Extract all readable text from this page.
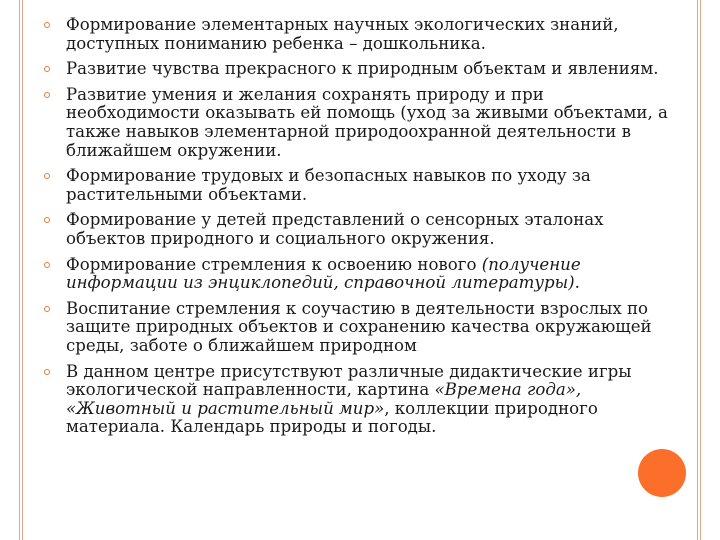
Формирование элементарных научных экологических знаний, доступных пониманию ребенка – дошкольника.
Развитие чувства прекрасного к природным объектам и явлениям.
Развитие умения и желания сохранять природу и при необходимости оказывать ей помощь (уход за живыми объектами, а также навыков элементарной природоохранной деятельности в ближайшем окружении.
Формирование трудовых и безопасных навыков по уходу за растительными объектами.
Формирование у детей представлений о сенсорных эталонах объектов природного и социального окружения.
Формирование стремления к освоению нового (получение информации из энциклопедий, справочной литературы).
Воспитание стремления к соучастию в деятельности взрослых по защите природных объектов и сохранению качества окружающей среды, заботе о ближайшем природном
В данном центре присутствуют различные дидактические игры экологической направленности, картина «Времена года», «Животный и растительный мир», коллекции природного материала. Календарь природы и погоды.
